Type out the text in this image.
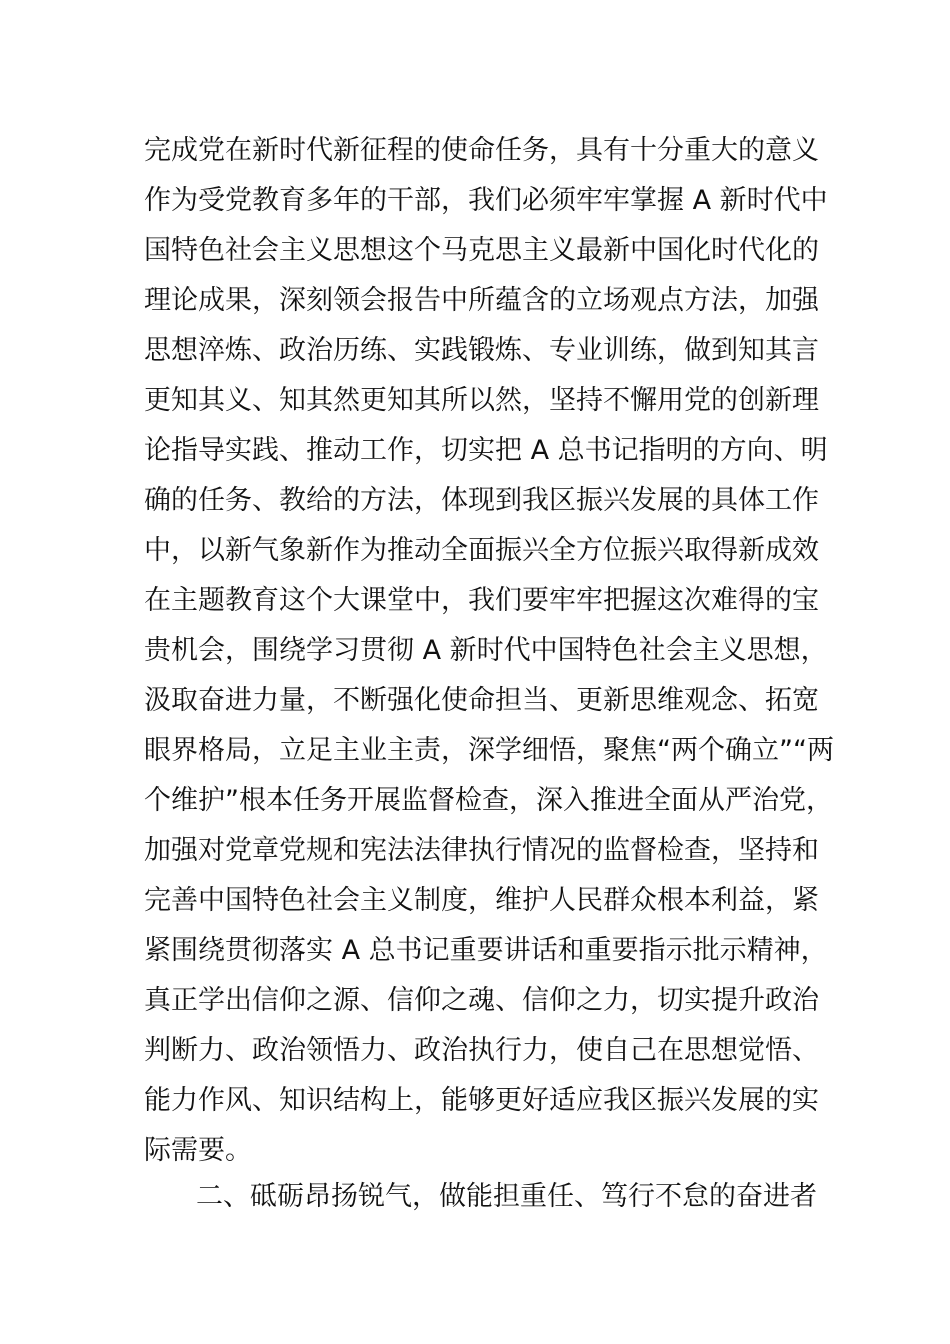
完成党在新时代新征程的使命任务，具有十分重大的意义
作为受党教育多年的干部，我们必须牢牢掌握 A 新时代中
国特色社会主义思想这个马克思主义最新中国化时代化的
理论成果，深刻领会报告中所蕴含的立场观点方法，加强
思想淬炼、政治历练、实践锻炼、专业训练，做到知其言
更知其义、知其然更知其所以然，坚持不懈用党的创新理
论指导实践、推动工作，切实把 A 总书记指明的方向、明
确的任务、教给的方法，体现到我区振兴发展的具体工作
中，以新气象新作为推动全面振兴全方位振兴取得新成效
在主题教育这个大课堂中，我们要牢牢把握这次难得的宝
贵机会，围绕学习贯彻 A 新时代中国特色社会主义思想，
汲取奋进力量，不断强化使命担当、更新思维观念、拓宽
眼界格局，立足主业主责，深学细悟，聚焦“两个确立”“两
个维护”根本任务开展监督检查，深入推进全面从严治党，
加强对党章党规和宪法法律执行情况的监督检查，坚持和
完善中国特色社会主义制度，维护人民群众根本利益，紧
紧围绕贯彻落实 A 总书记重要讲话和重要指示批示精神，
真正学出信仰之源、信仰之魂、信仰之力，切实提升政治
判断力、政治领悟力、政治执行力，使自己在思想觉悟、
能力作风、知识结构上，能够更好适应我区振兴发展的实
际需要。
二、砥砺昂扬锐气，做能担重任、笃行不怠的奋进者
